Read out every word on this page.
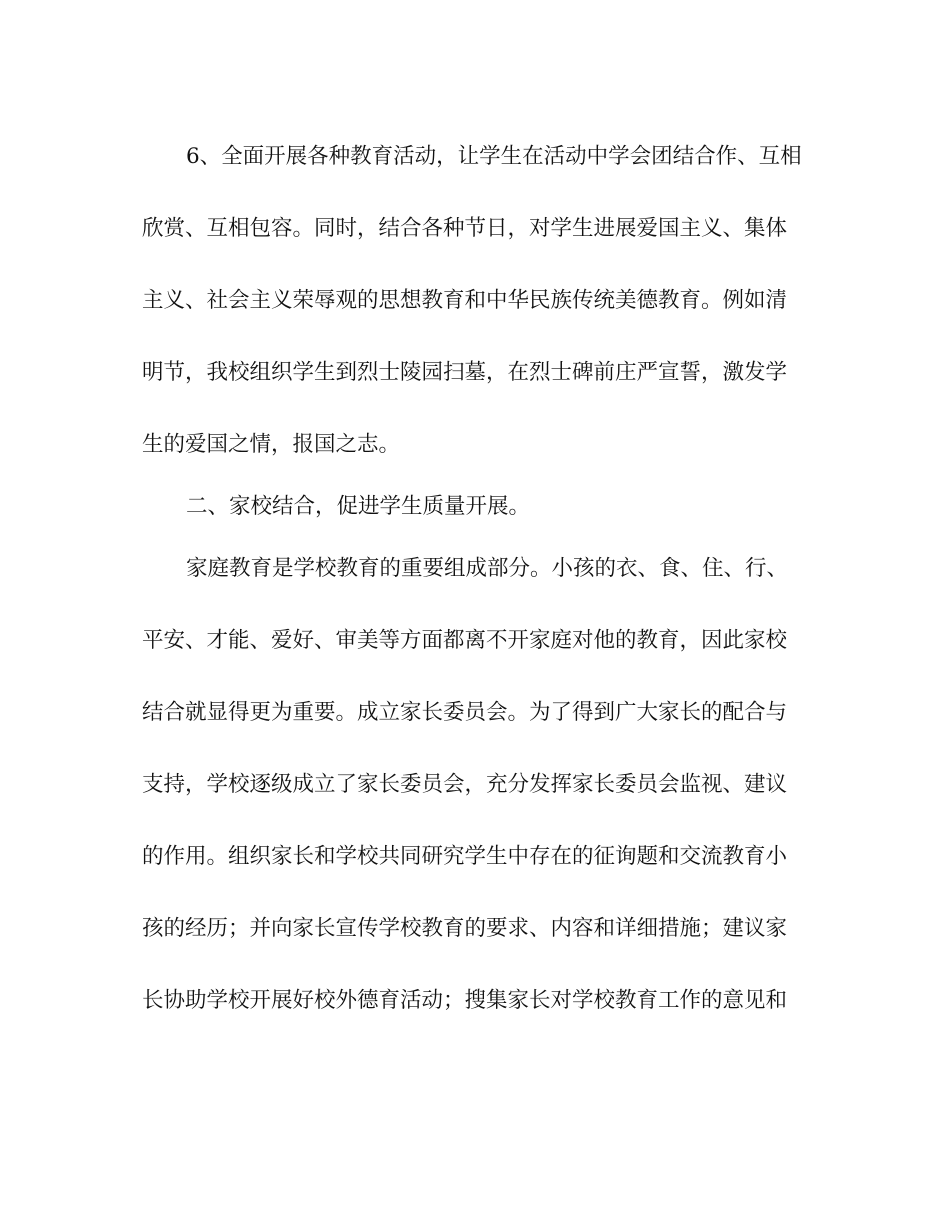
6、全面开展各种教育活动，让学生在活动中学会团结合作、互相
欣赏、互相包容。同时，结合各种节日，对学生进展爱国主义、集体
主义、社会主义荣辱观的思想教育和中华民族传统美德教育。例如清
明节，我校组织学生到烈士陵园扫墓，在烈士碑前庄严宣誓，激发学
生的爱国之情，报国之志。
二、家校结合，促进学生质量开展。
家庭教育是学校教育的重要组成部分。小孩的衣、食、住、行、
平安、才能、爱好、审美等方面都离不开家庭对他的教育，因此家校
结合就显得更为重要。成立家长委员会。为了得到广大家长的配合与
支持，学校逐级成立了家长委员会，充分发挥家长委员会监视、建议
的作用。组织家长和学校共同研究学生中存在的征询题和交流教育小
孩的经历；并向家长宣传学校教育的要求、内容和详细措施；建议家
长协助学校开展好校外德育活动；搜集家长对学校教育工作的意见和
